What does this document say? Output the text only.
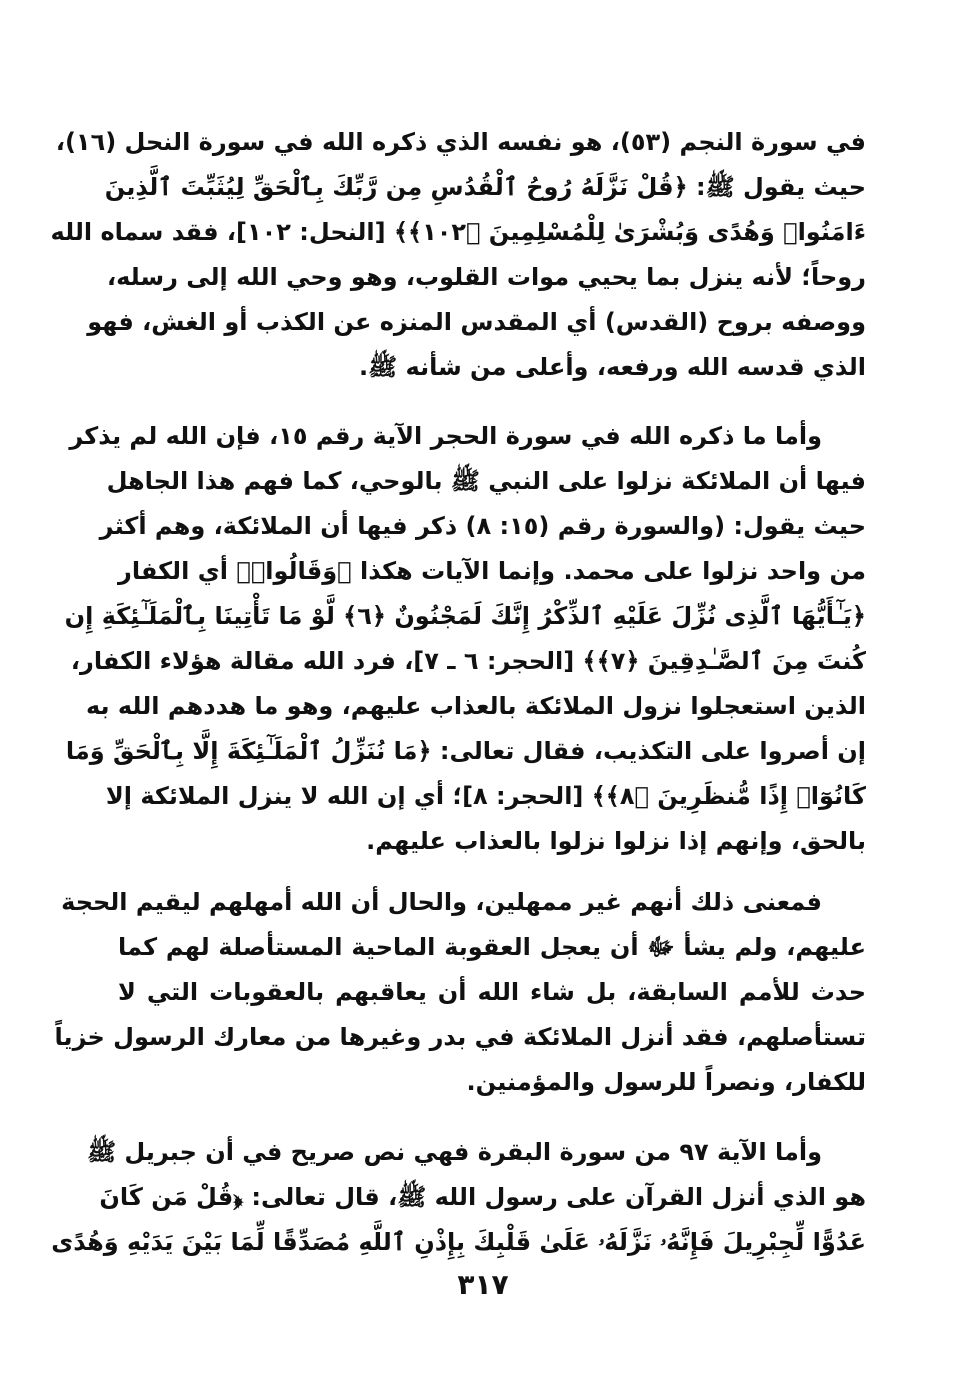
في سورة النجم (٥٣)، هو نفسه الذي ذكره الله في سورة النحل (١٦)،
حيث يقول ﷺ: ﴿قُلْ نَزَّلَهُ رُوحُ ٱلْقُدُسِ مِن رَّبِّكَ بِٱلْحَقِّ لِيُثَبِّتَ ٱلَّذِينَ
ءَامَنُوا۟ وَهُدًى وَبُشْرَىٰ لِلْمُسْلِمِينَ ﴿١٠٢﴾﴾ [النحل: ١٠٢]، فقد سماه الله
روحاً؛ لأنه ينزل بما يحيي موات القلوب، وهو وحي الله إلى رسله،
ووصفه بروح (القدس) أي المقدس المنزه عن الكذب أو الغش، فهو
الذي قدسه الله ورفعه، وأعلى من شأنه ﷺ.
وأما ما ذكره الله في سورة الحجر الآية رقم ١٥، فإن الله لم يذكر
فيها أن الملائكة نزلوا على النبي ﷺ بالوحي، كما فهم هذا الجاهل
حيث يقول: (والسورة رقم (١٥: ٨) ذكر فيها أن الملائكة، وهم أكثر
من واحد نزلوا على محمد. وإنما الآيات هكذا ﴿وَقَالُوا۟﴾ أي الكفار
﴿يَـٰٓأَيُّهَا ٱلَّذِى نُزِّلَ عَلَيْهِ ٱلذِّكْرُ إِنَّكَ لَمَجْنُونٌ ﴿٦﴾ لَّوْ مَا تَأْتِينَا بِٱلْمَلَـٰٓئِكَةِ إِن
كُنتَ مِنَ ٱلصَّـٰدِقِينَ ﴿٧﴾﴾ [الحجر: ٦ ـ ٧]، فرد الله مقالة هؤلاء الكفار،
الذين استعجلوا نزول الملائكة بالعذاب عليهم، وهو ما هددهم الله به
إن أصروا على التكذيب، فقال تعالى: ﴿مَا نُنَزِّلُ ٱلْمَلَـٰٓئِكَةَ إِلَّا بِٱلْحَقِّ وَمَا
كَانُوٓا۟ إِذًا مُّنظَرِينَ ﴿٨﴾﴾ [الحجر: ٨]؛ أي إن الله لا ينزل الملائكة إلا
بالحق، وإنهم إذا نزلوا نزلوا بالعذاب عليهم.
فمعنى ذلك أنهم غير ممهلين، والحال أن الله أمهلهم ليقيم الحجة
عليهم، ولم يشأ ﷻ أن يعجل العقوبة الماحية المستأصلة لهم كما
حدث للأمم السابقة، بل شاء الله أن يعاقبهم بالعقوبات التي لا
تستأصلهم، فقد أنزل الملائكة في بدر وغيرها من معارك الرسول خزياً
للكفار، ونصراً للرسول والمؤمنين.
وأما الآية ٩٧ من سورة البقرة فهي نص صريح في أن جبريل ﷺ
هو الذي أنزل القرآن على رسول الله ﷺ، قال تعالى: ﴿قُلْ مَن كَانَ
عَدُوًّا لِّجِبْرِيلَ فَإِنَّهُۥ نَزَّلَهُۥ عَلَىٰ قَلْبِكَ بِإِذْنِ ٱللَّهِ مُصَدِّقًا لِّمَا بَيْنَ يَدَيْهِ وَهُدًى
٣١٧
